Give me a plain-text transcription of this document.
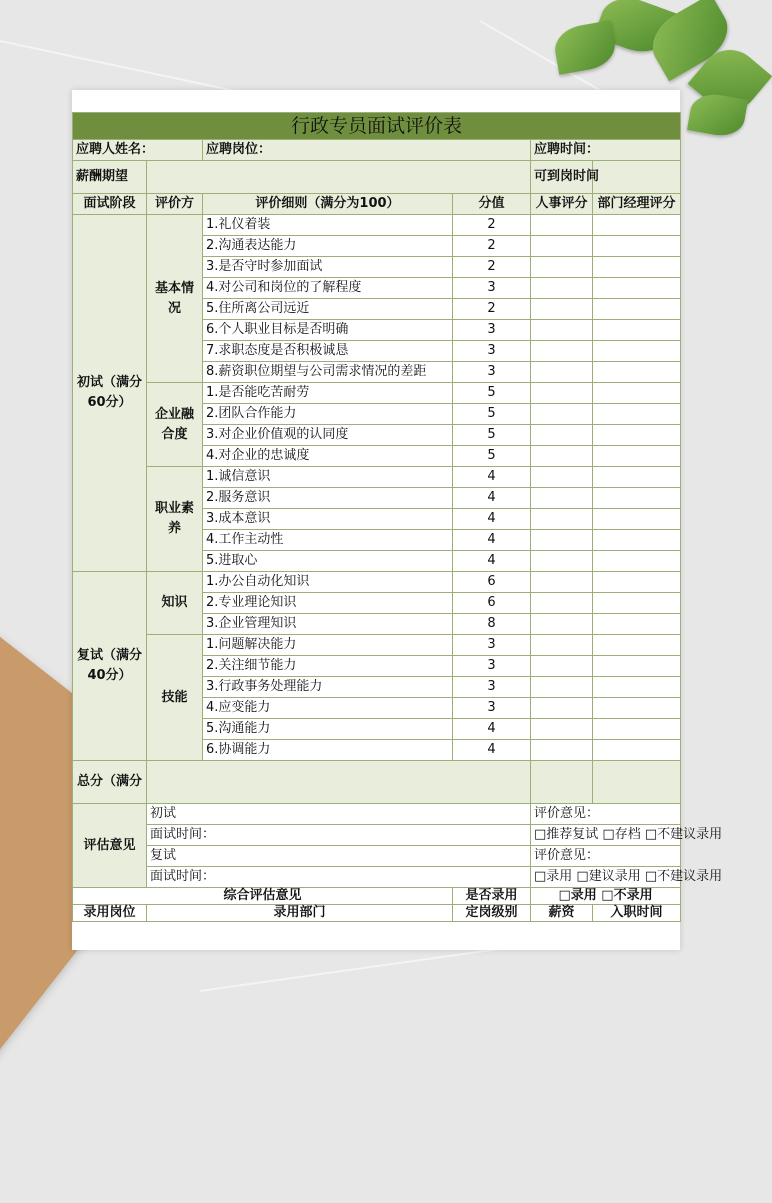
行政专员面试评价表					
应聘人姓名：		应聘岗位：		应聘时间：	
薪酬期望				可到岗时间	
面试阶段	评价方	评价细则（满分为100）	分值	人事评分	部门经理评分
初试（满分60分）	基本情况	1.礼仪着装	2		
		2.沟通表达能力	2		
		3.是否守时参加面试	2		
		4.对公司和岗位的了解程度	3		
		5.住所离公司远近	2		
		6.个人职业目标是否明确	3		
		7.求职态度是否积极诚恳	3		
		8.薪资职位期望与公司需求情况的差距	3		
	企业融合度	1.是否能吃苦耐劳	5		
		2.团队合作能力	5		
		3.对企业价值观的认同度	5		
		4.对企业的忠诚度	5		
	职业素养	1.诚信意识	4		
		2.服务意识	4		
		3.成本意识	4		
		4.工作主动性	4		
		5.进取心	4		
复试（满分40分）	知识	1.办公自动化知识	6		
		2.专业理论知识	6		
		3.企业管理知识	8		
	技能	1.问题解决能力	3		
		2.关注细节能力	3		
		3.行政事务处理能力	3		
		4.应变能力	3		
		5.沟通能力	4		
		6.协调能力	4		
总分（满分					
评估意见	初试			评价意见：	
	面试时间：			□推荐复试 □存档 □不建议录用	
	复试			评价意见：	
	面试时间：			□录用 □建议录用 □不建议录用	
综合评估意见			是否录用	□录用 □不录用	
录用岗位	录用部门		定岗级别	薪资	入职时间
